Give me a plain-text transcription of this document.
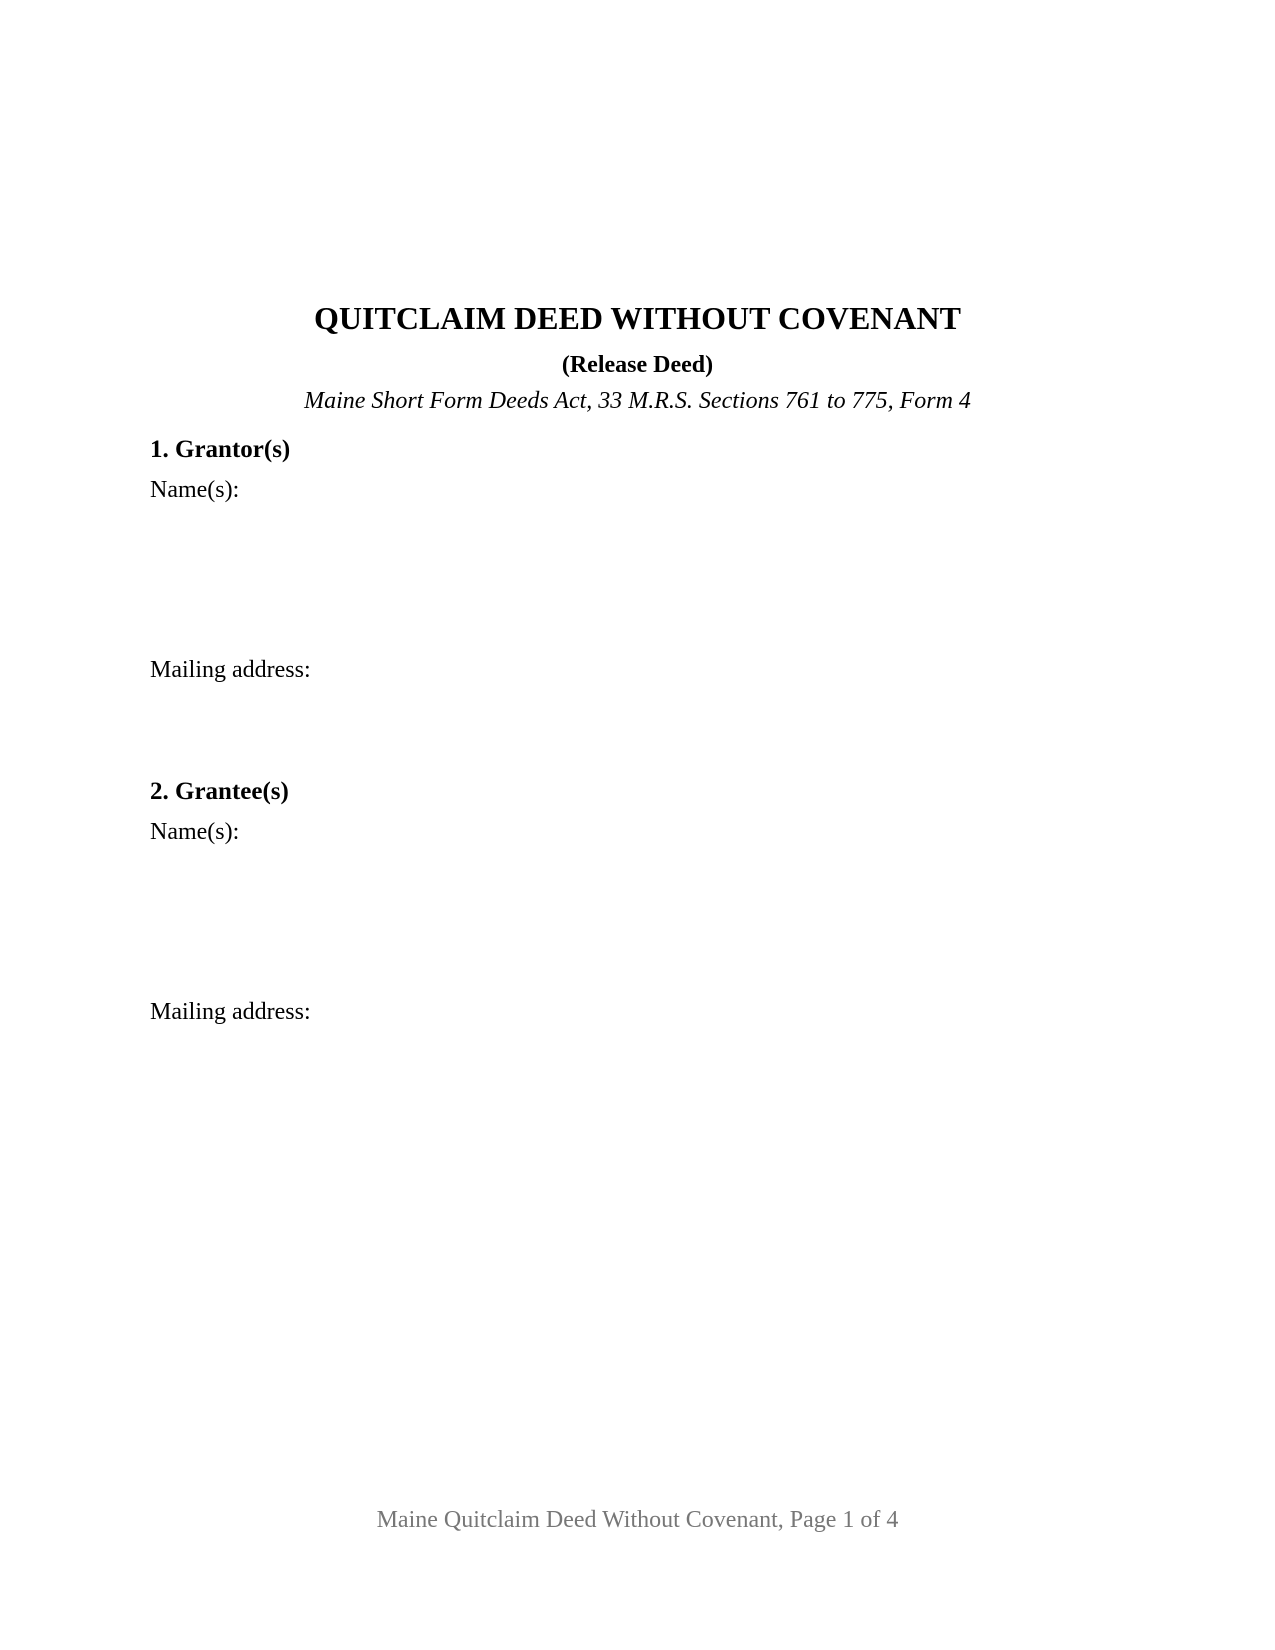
QUITCLAIM DEED WITHOUT COVENANT
(Release Deed)
Maine Short Form Deeds Act, 33 M.R.S. Sections 761 to 775, Form 4
1. Grantor(s)
Name(s):
Mailing address:
2. Grantee(s)
Name(s):
Mailing address:
Maine Quitclaim Deed Without Covenant, Page 1 of 4
